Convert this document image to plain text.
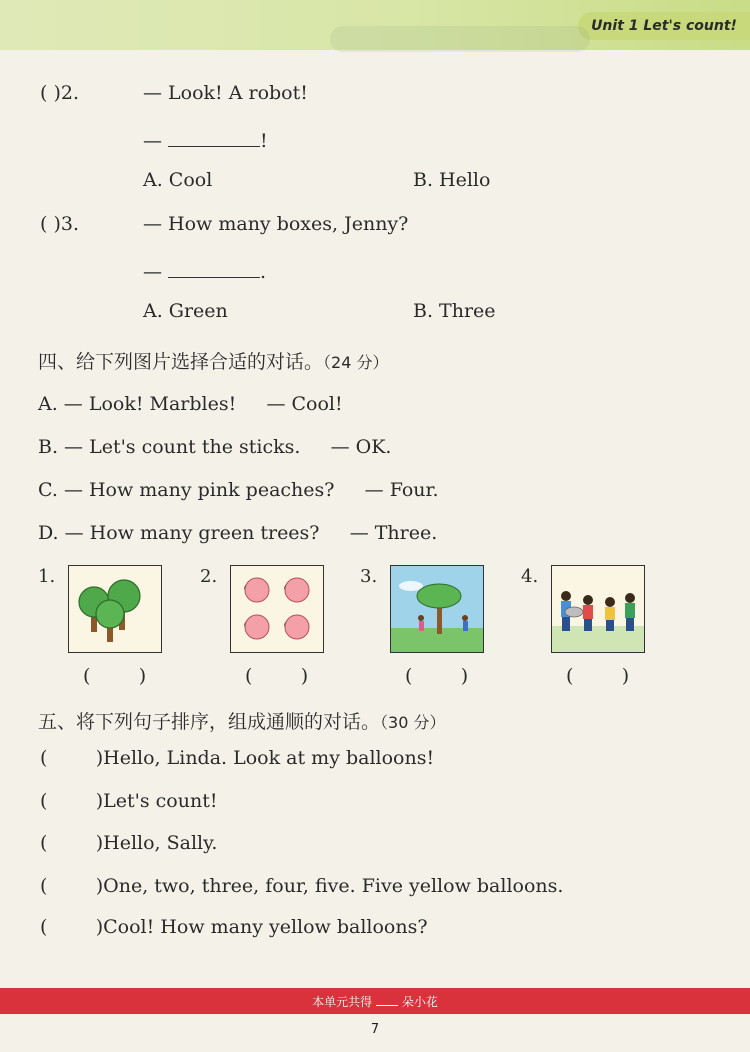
Unit 1 Let's count!
( )2.	— Look! A robot!
—	!
A. Cool	B. Hello
( )3.	— How many boxes, Jenny?
—	.
A. Green	B. Three
四、给下列图片选择合适的对话。（24 分）
A. — Look! Marbles!     — Cool!
B. — Let's count the sticks.     — OK.
C. — How many pink peaches?     — Four.
D. — How many green trees?     — Three.
1.	2.	3.	4.
(        )	(        )	(        )	(        )
五、将下列句子排序，组成通顺的对话。（30 分）
(        )Hello, Linda. Look at my balloons!
(        )Let's count!
(        )Hello, Sally.
(        )One, two, three, four, five. Five yellow balloons.
(        )Cool! How many yellow balloons?
本单元共得 朵小花
7
